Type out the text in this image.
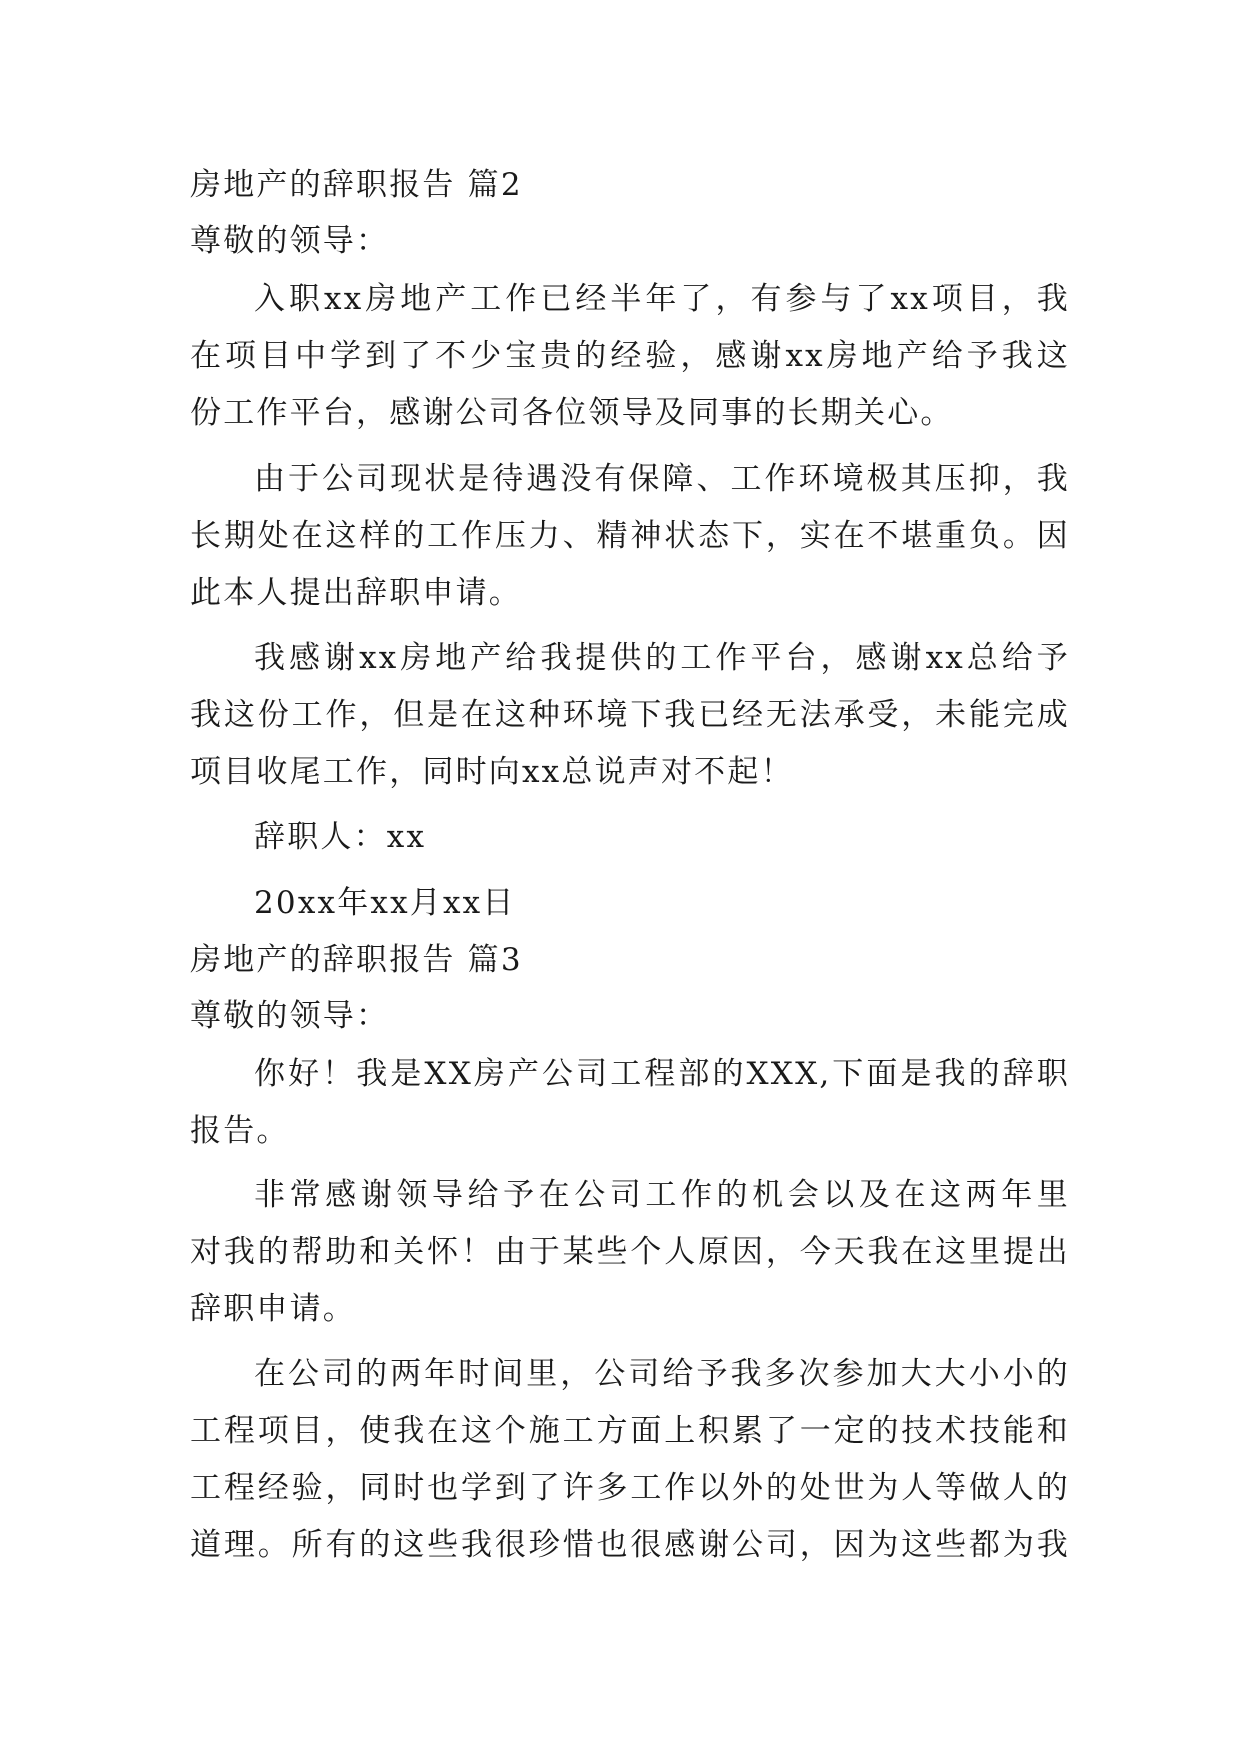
房地产的辞职报告 篇2
尊敬的领导：
入职xx房地产工作已经半年了，有参与了xx项目，我
在项目中学到了不少宝贵的经验，感谢xx房地产给予我这
份工作平台，感谢公司各位领导及同事的长期关心。
由于公司现状是待遇没有保障、工作环境极其压抑，我
长期处在这样的工作压力、精神状态下，实在不堪重负。因
此本人提出辞职申请。
我感谢xx房地产给我提供的工作平台，感谢xx总给予
我这份工作，但是在这种环境下我已经无法承受，未能完成
项目收尾工作，同时向xx总说声对不起！
辞职人：xx
20xx年xx月xx日
房地产的辞职报告 篇3
尊敬的领导：
你好！我是XX房产公司工程部的XXX,下面是我的辞职
报告。
非常感谢领导给予在公司工作的机会以及在这两年里
对我的帮助和关怀！由于某些个人原因，今天我在这里提出
辞职申请。
在公司的两年时间里，公司给予我多次参加大大小小的
工程项目，使我在这个施工方面上积累了一定的技术技能和
工程经验，同时也学到了许多工作以外的处世为人等做人的
道理。所有的这些我很珍惜也很感谢公司，因为这些都为我
